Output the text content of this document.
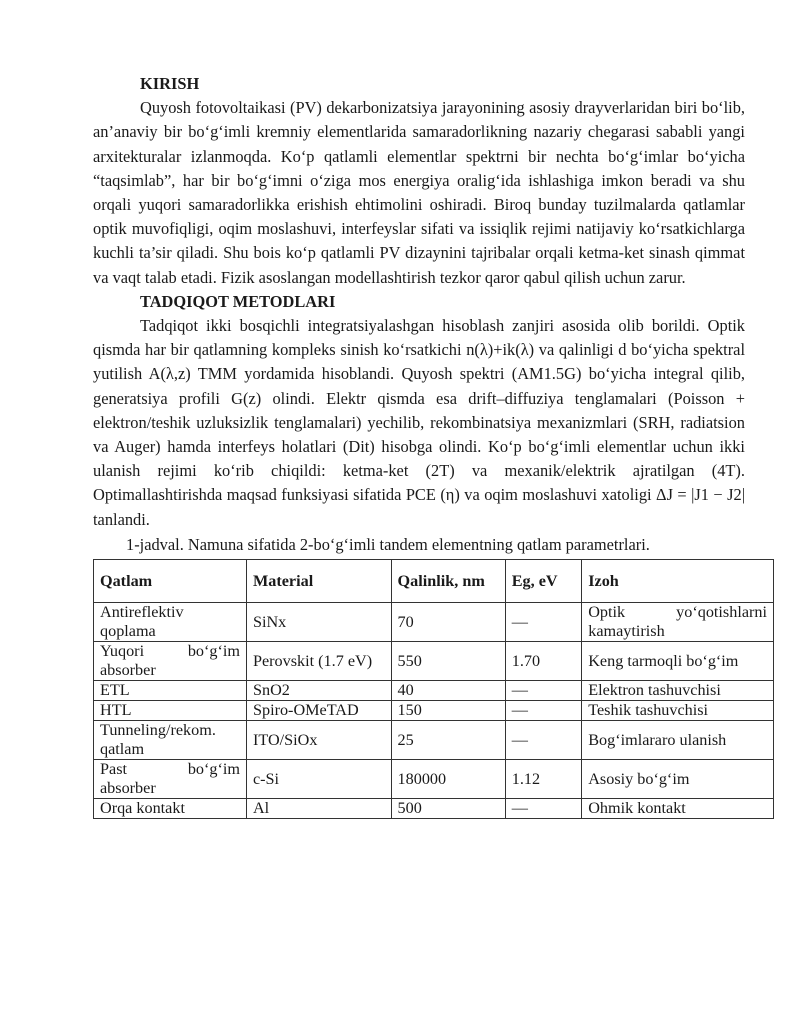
KIRISH

Quyosh fotovoltaikasi (PV) dekarbonizatsiya jarayonining asosiy drayverlaridan biri boʻlib, an’anaviy bir boʻgʻimli kremniy elementlarida samaradorlikning nazariy chegarasi sababli yangi arxitekturalar izlanmoqda. Koʻp qatlamli elementlar spektrni bir nechta boʻgʻimlar boʻyicha “taqsimlab”, har bir boʻgʻimni oʻziga mos energiya oraligʻida ishlashiga imkon beradi va shu orqali yuqori samaradorlikka erishish ehtimolini oshiradi. Biroq bunday tuzilmalarda qatlamlar optik muvofiqligi, oqim moslashuvi, interfeyslar sifati va issiqlik rejimi natijaviy koʻrsatkichlarga kuchli ta’sir qiladi. Shu bois koʻp qatlamli PV dizaynini tajribalar orqali ketma-ket sinash qimmat va vaqt talab etadi. Fizik asoslangan modellashtirish tezkor qaror qabul qilish uchun zarur.

TADQIQOT METODLARI

Tadqiqot ikki bosqichli integratsiyalashgan hisoblash zanjiri asosida olib borildi. Optik qismda har bir qatlamning kompleks sinish koʻrsatkichi n(λ)+ik(λ) va qalinligi d boʻyicha spektral yutilish A(λ,z) TMM yordamida hisoblandi. Quyosh spektri (AM1.5G) boʻyicha integral qilib, generatsiya profili G(z) olindi. Elektr qismda esa drift–diffuziya tenglamalari (Poisson + elektron/teshik uzluksizlik tenglamalari) yechilib, rekombinatsiya mexanizmlari (SRH, radiatsion va Auger) hamda interfeys holatlari (Dit) hisobga olindi. Koʻp boʻgʻimli elementlar uchun ikki ulanish rejimi koʻrib chiqildi: ketma-ket (2T) va mexanik/elektrik ajratilgan (4T). Optimallashtirishda maqsad funksiyasi sifatida PCE (η) va oqim moslashuvi xatoligi ΔJ = |J1 − J2| tanlandi.

1-jadval. Namuna sifatida 2-boʻgʻimli tandem elementning qatlam parametrlari.
Qatlam	Material	Qalinlik, nm	Eg, eV	Izoh
Antireflektiv qoplama	SiNx	70	—	Optik yoʻqotishlarni kamaytirish
Yuqori boʻgʻim absorber	Perovskit (1.7 eV)	550	1.70	Keng tarmoqli boʻgʻim
ETL	SnO2	40	—	Elektron tashuvchisi
HTL	Spiro-OMeTAD	150	—	Teshik tashuvchisi
Tunneling/rekom. qatlam	ITO/SiOx	25	—	Bogʻimlararo ulanish
Past boʻgʻim absorber	c-Si	180000	1.12	Asosiy boʻgʻim
Orqa kontakt	Al	500	—	Ohmik kontakt
